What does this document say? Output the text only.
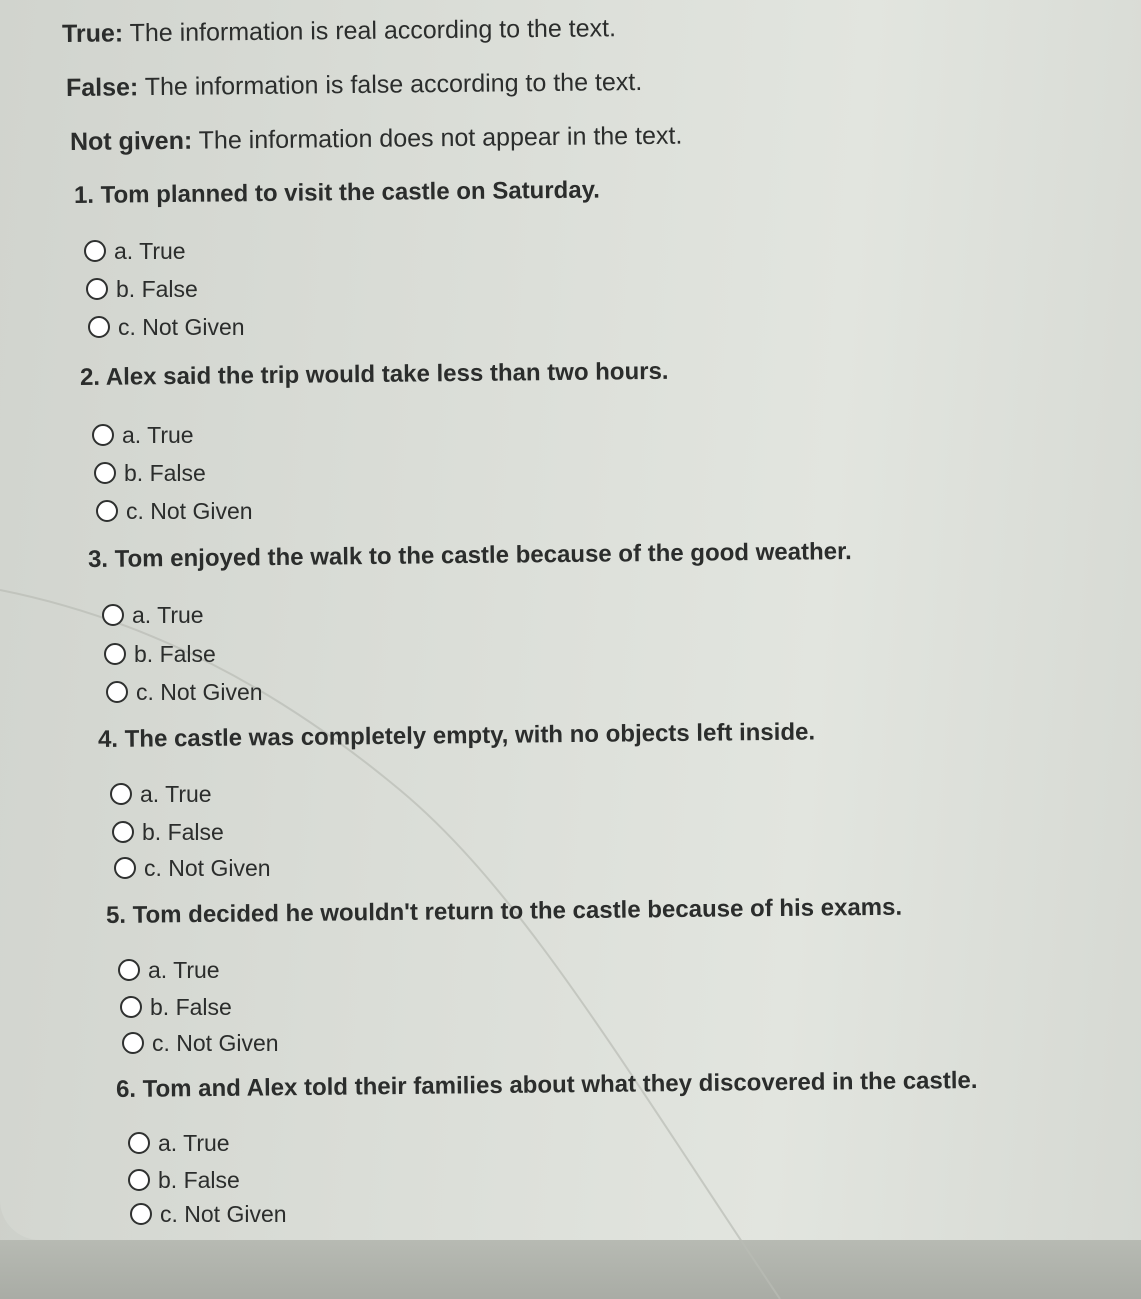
True: The information is real according to the text.
False: The information is false according to the text.
Not given: The information does not appear in the text.
1. Tom planned to visit the castle on Saturday.
a. True
b. False
c. Not Given
2. Alex said the trip would take less than two hours.
a. True
b. False
c. Not Given
3. Tom enjoyed the walk to the castle because of the good weather.
a. True
b. False
c. Not Given
4. The castle was completely empty, with no objects left inside.
a. True
b. False
c. Not Given
5. Tom decided he wouldn't return to the castle because of his exams.
a. True
b. False
c. Not Given
6. Tom and Alex told their families about what they discovered in the castle.
a. True
b. False
c. Not Given
